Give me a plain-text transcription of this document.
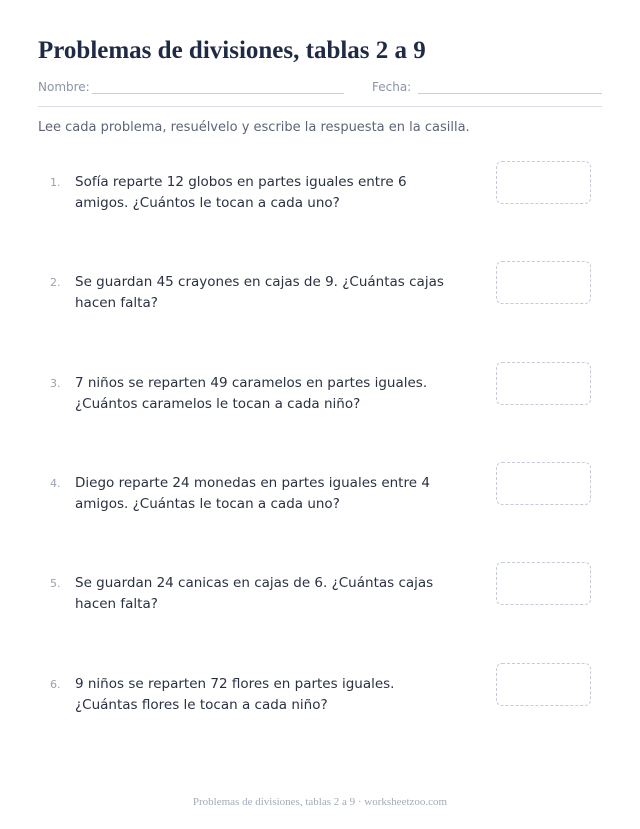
Problemas de divisiones, tablas 2 a 9
Nombre:	Fecha:

Lee cada problema, resuélvelo y escribe la respuesta en la casilla.

1. Sofía reparte 12 globos en partes iguales entre 6 amigos. ¿Cuántos le tocan a cada uno?

2. Se guardan 45 crayones en cajas de 9. ¿Cuántas cajas hacen falta?

3. 7 niños se reparten 49 caramelos en partes iguales. ¿Cuántos caramelos le tocan a cada niño?

4. Diego reparte 24 monedas en partes iguales entre 4 amigos. ¿Cuántas le tocan a cada uno?

5. Se guardan 24 canicas en cajas de 6. ¿Cuántas cajas hacen falta?

6. 9 niños se reparten 72 flores en partes iguales. ¿Cuántas flores le tocan a cada niño?

Problemas de divisiones, tablas 2 a 9 · worksheetzoo.com
